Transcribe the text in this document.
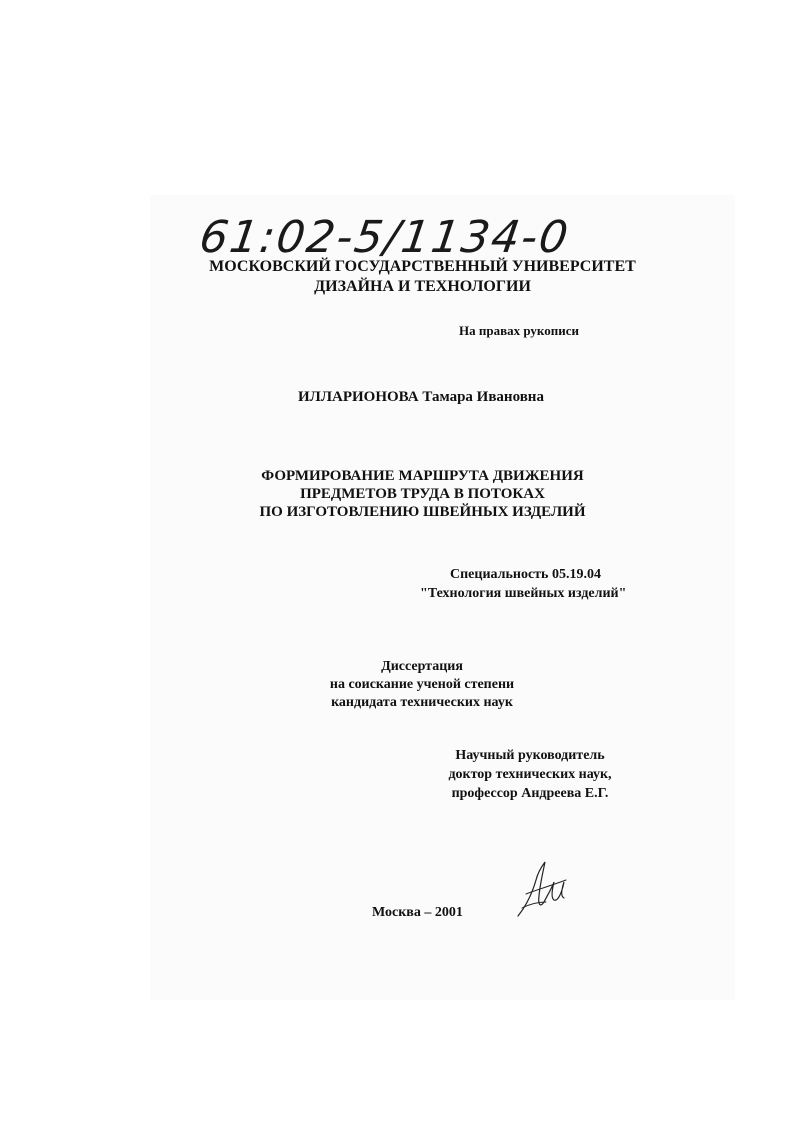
61:02-5/1134-0
МОСКОВСКИЙ ГОСУДАРСТВЕННЫЙ УНИВЕРСИТЕТ
ДИЗАЙНА И ТЕХНОЛОГИИ
На правах рукописи
ИЛЛАРИОНОВА Тамара Ивановна
ФОРМИРОВАНИЕ МАРШРУТА ДВИЖЕНИЯ
ПРЕДМЕТОВ ТРУДА В ПОТОКАХ
ПО ИЗГОТОВЛЕНИЮ ШВЕЙНЫХ ИЗДЕЛИЙ
Специальность 05.19.04
"Технология швейных изделий"
Диссертация
на соискание ученой степени
кандидата технических наук
Научный руководитель
доктор технических наук,
профессор Андреева Е.Г.
Москва – 2001
